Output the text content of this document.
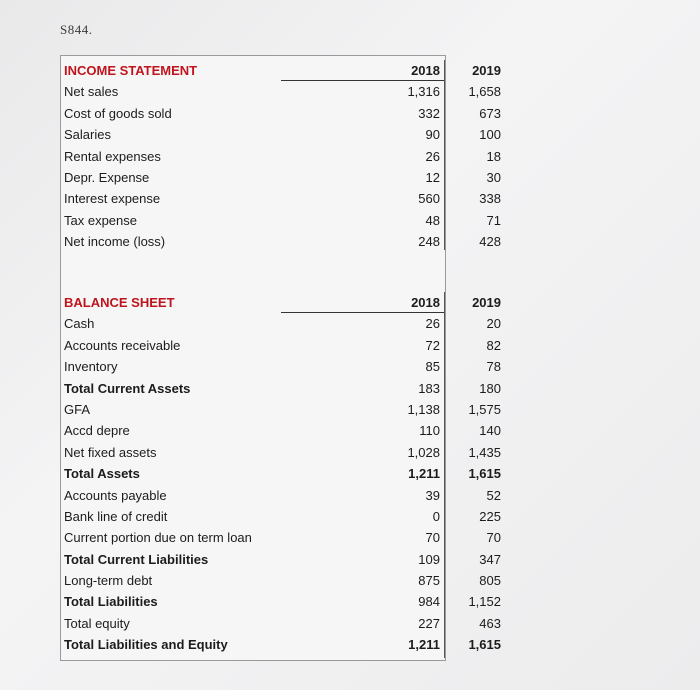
S844.
INCOME STATEMENT	2018	2019
Net sales	1,316	1,658
Cost of goods sold	332	673
Salaries	90	100
Rental expenses	26	18
Depr. Expense	12	30
Interest expense	560	338
Tax expense	48	71
Net income (loss)	248	428
BALANCE SHEET	2018	2019
Cash	26	20
Accounts receivable	72	82
Inventory	85	78
Total Current Assets	183	180
GFA	1,138	1,575
Accd depre	110	140
Net fixed assets	1,028	1,435
Total Assets	1,211	1,615
Accounts payable	39	52
Bank line of credit	0	225
Current portion due on term loan	70	70
Total Current Liabilities	109	347
Long-term debt	875	805
Total Liabilities	984	1,152
Total equity	227	463
Total Liabilities and Equity	1,211	1,615
